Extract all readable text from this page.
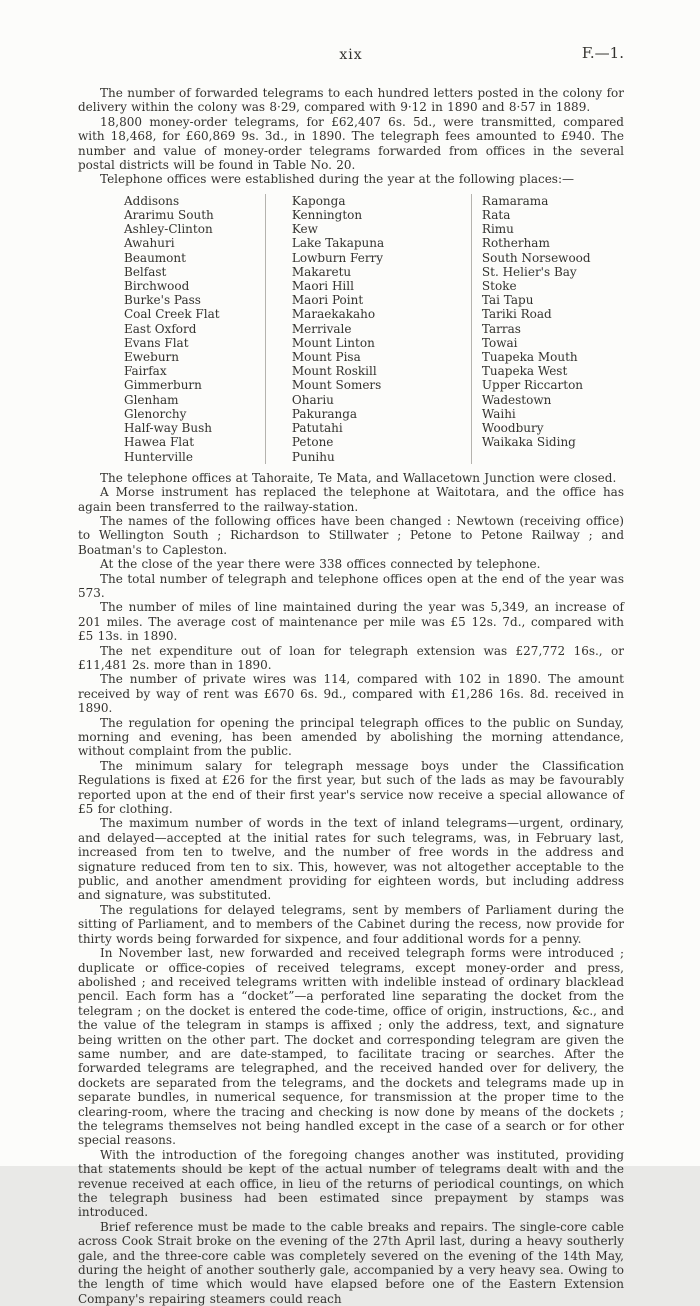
xix	F.—1.

The number of forwarded telegrams to each hundred letters posted in the colony for delivery within the colony was 8·29, compared with 9·12 in 1890 and 8·57 in 1889.

18,800 money-order telegrams, for £62,407 6s. 5d., were transmitted, compared with 18,468, for £60,869 9s. 3d., in 1890. The telegraph fees amounted to £940. The number and value of money-order telegrams forwarded from offices in the several postal districts will be found in Table No. 20.

Telephone offices were established during the year at the following places:—

Addisons
Ararimu South
Ashley-Clinton
Awahuri
Beaumont
Belfast
Birchwood
Burke's Pass
Coal Creek Flat
East Oxford
Evans Flat
Eweburn
Fairfax
Gimmerburn
Glenham
Glenorchy
Half-way Bush
Hawea Flat
Hunterville
Kaponga
Kennington
Kew
Lake Takapuna
Lowburn Ferry
Makaretu
Maori Hill
Maori Point
Maraekakaho
Merrivale
Mount Linton
Mount Pisa
Mount Roskill
Mount Somers
Ohariu
Pakuranga
Patutahi
Petone
Punihu
Ramarama
Rata
Rimu
Rotherham
South Norsewood
St. Helier's Bay
Stoke
Tai Tapu
Tariki Road
Tarras
Towai
Tuapeka Mouth
Tuapeka West
Upper Riccarton
Wadestown
Waihi
Woodbury
Waikaka Siding

The telephone offices at Tahoraite, Te Mata, and Wallacetown Junction were closed.

A Morse instrument has replaced the telephone at Waitotara, and the office has again been transferred to the railway-station.

The names of the following offices have been changed : Newtown (receiving office) to Wellington South ; Richardson to Stillwater ; Petone to Petone Railway ; and Boatman's to Capleston.

At the close of the year there were 338 offices connected by telephone.

The total number of telegraph and telephone offices open at the end of the year was 573.

The number of miles of line maintained during the year was 5,349, an increase of 201 miles. The average cost of maintenance per mile was £5 12s. 7d., compared with £5 13s. in 1890.

The net expenditure out of loan for telegraph extension was £27,772 16s., or £11,481 2s. more than in 1890.

The number of private wires was 114, compared with 102 in 1890. The amount received by way of rent was £670 6s. 9d., compared with £1,286 16s. 8d. received in 1890.

The regulation for opening the principal telegraph offices to the public on Sunday, morning and evening, has been amended by abolishing the morning attendance, without complaint from the public.

The minimum salary for telegraph message boys under the Classification Regulations is fixed at £26 for the first year, but such of the lads as may be favourably reported upon at the end of their first year's service now receive a special allowance of £5 for clothing.

The maximum number of words in the text of inland telegrams—urgent, ordinary, and delayed—accepted at the initial rates for such telegrams, was, in February last, increased from ten to twelve, and the number of free words in the address and signature reduced from ten to six. This, however, was not altogether acceptable to the public, and another amendment providing for eighteen words, but including address and signature, was substituted.

The regulations for delayed telegrams, sent by members of Parliament during the sitting of Parliament, and to members of the Cabinet during the recess, now provide for thirty words being forwarded for sixpence, and four additional words for a penny.

In November last, new forwarded and received telegraph forms were introduced ; duplicate or office-copies of received telegrams, except money-order and press, abolished ; and received telegrams written with indelible instead of ordinary blacklead pencil. Each form has a “docket”—a perforated line separating the docket from the telegram ; on the docket is entered the code-time, office of origin, instructions, &c., and the value of the telegram in stamps is affixed ; only the address, text, and signature being written on the other part. The docket and corresponding telegram are given the same number, and are date-stamped, to facilitate tracing or searches. After the forwarded telegrams are telegraphed, and the received handed over for delivery, the dockets are separated from the telegrams, and the dockets and telegrams made up in separate bundles, in numerical sequence, for transmission at the proper time to the clearing-room, where the tracing and checking is now done by means of the dockets ; the telegrams themselves not being handled except in the case of a search or for other special reasons.

With the introduction of the foregoing changes another was instituted, providing that statements should be kept of the actual number of telegrams dealt with and the revenue received at each office, in lieu of the returns of periodical countings, on which the telegraph business had been estimated since prepayment by stamps was introduced.

Brief reference must be made to the cable breaks and repairs. The single-core cable across Cook Strait broke on the evening of the 27th April last, during a heavy southerly gale, and the three-core cable was completely severed on the evening of the 14th May, during the height of another southerly gale, accompanied by a very heavy sea. Owing to the length of time which would have elapsed before one of the Eastern Extension Company's repairing steamers could reach
